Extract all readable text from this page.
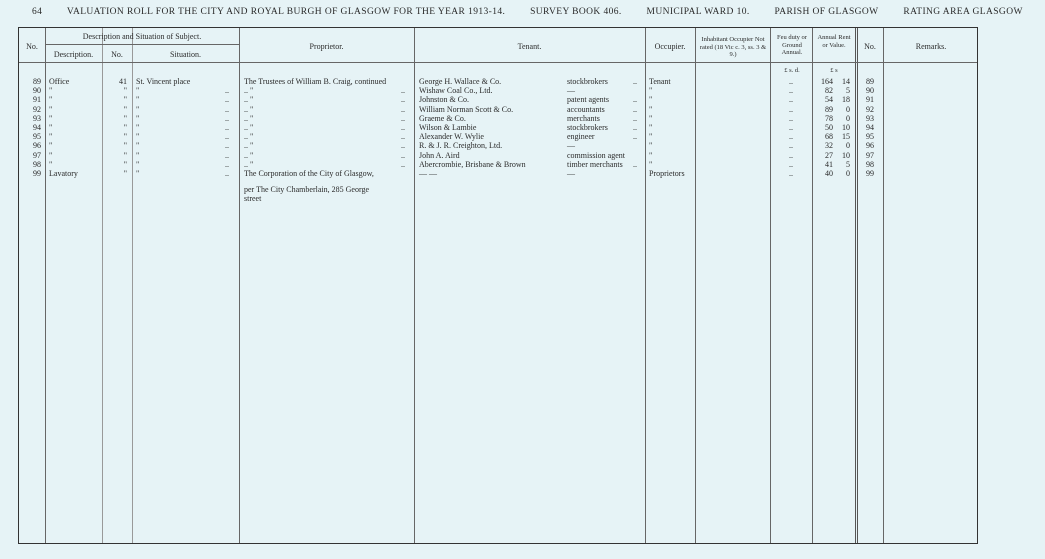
64	VALUATION ROLL FOR THE CITY AND ROYAL BURGH OF GLASGOW FOR THE YEAR 1913-14.	SURVEY BOOK 406.	MUNICIPAL WARD 10.	PARISH OF GLASGOW	RATING AREA GLASGOW
No.
Description and Situation of Subject.
Description.	No.	Situation.
Proprietor.	Tenant.	Occupier.
Inhabitant Occupier Not rated (18 Vic c. 3, ss. 3 & 9.)
Feu duty or Ground Annual.
Annual Rent or Value.	No.	Remarks.
£ s. d.	£ s
89 Office	41 St. Vincent place	The Trustees of William B. Craig, continued	George H. Wallace & Co.	stockbrokers	.. Tenant	..	164	14	89
90 "	" "	.. .. "	.. Wishaw Coal Co., Ltd.	—	"	..	82	5	90
91 "	" "	.. .. "	.. Johnston & Co.	patent agents	.. "	..	54	18	91
92 "	" "	.. .. "	.. William Norman Scott & Co.	accountants	.. "	..	89	0	92
93 "	" "	.. .. "	.. Graeme & Co.	merchants	.. "	..	78	0	93
94 "	" "	.. .. "	.. Wilson & Lambie	stockbrokers	.. "	..	50	10	94
95 "	" "	.. .. "	.. Alexander W. Wylie	engineer	.. "	..	68	15	95
96 "	" "	.. .. "	.. R. & J. R. Creighton, Ltd.	—	"	..	32	0	96
97 "	" "	.. .. "	.. John A. Aird	commission agent	"	..	27	10	97
98 "	" "	.. .. "	.. Abercrombie, Brisbane & Brown	timber merchants .. "	..	41	5	98
99 Lavatory	" "	.. The Corporation of the City of Glasgow,	— —	—	Proprietors	..	40	0	99
per The City Chamberlain, 285 George
street
